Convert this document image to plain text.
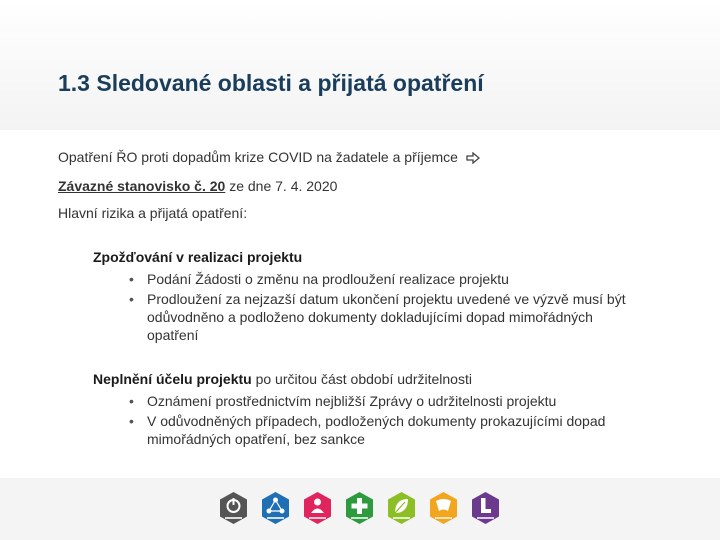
1.3 Sledované oblasti a přijatá opatření

Opatření ŘO proti dopadům krize COVID na žadatele a příjemce

Závazné stanovisko č. 20 ze dne 7. 4. 2020

Hlavní rizika a přijatá opatření:

Zpožďování v realizaci projektu

• Podání Žádosti o změnu na prodloužení realizace projektu
• Prodloužení za nejzazší datum ukončení projektu uvedené ve výzvě musí být odůvodněno a podloženo dokumenty dokladujícími dopad mimořádných opatření

Neplnění účelu projektu po určitou část období udržitelnosti

• Oznámení prostřednictvím nejbližší Zprávy o udržitelnosti projektu
• V odůvodněných případech, podložených dokumenty prokazujícími dopad mimořádných opatření, bez sankce
